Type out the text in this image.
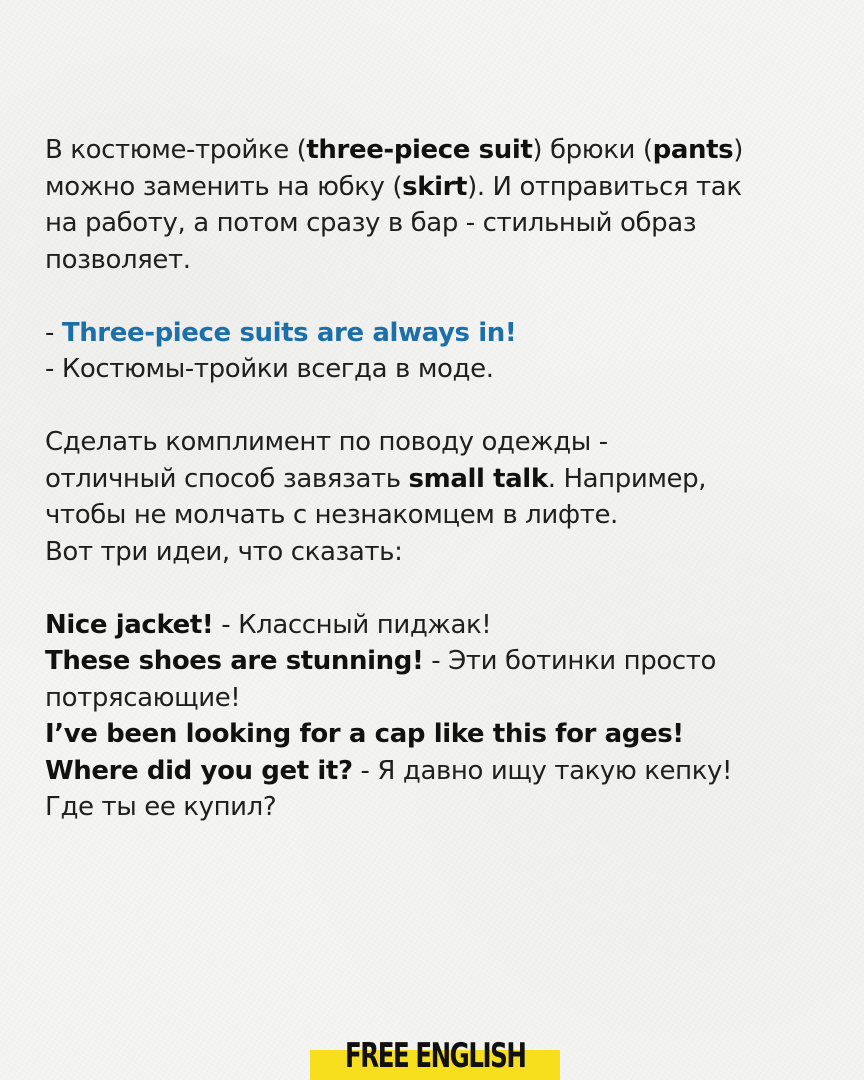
В костюме-тройке (three-piece suit) брюки (pants)

можно заменить на юбку (skirt). И отправиться так

на работу, а потом сразу в бар - стильный образ

позволяет.

- Three-piece suits are always in!

- Костюмы-тройки всегда в моде.

Сделать комплимент по поводу одежды -

отличный способ завязать small talk. Например,

чтобы не молчать с незнакомцем в лифте.

Вот три идеи, что сказать:

Nice jacket! - Классный пиджак!

These shoes are stunning! - Эти ботинки просто

потрясающие!

I’ve been looking for a cap like this for ages!

Where did you get it? - Я давно ищу такую кепку!

Где ты ее купил?

FREE ENGLISH
